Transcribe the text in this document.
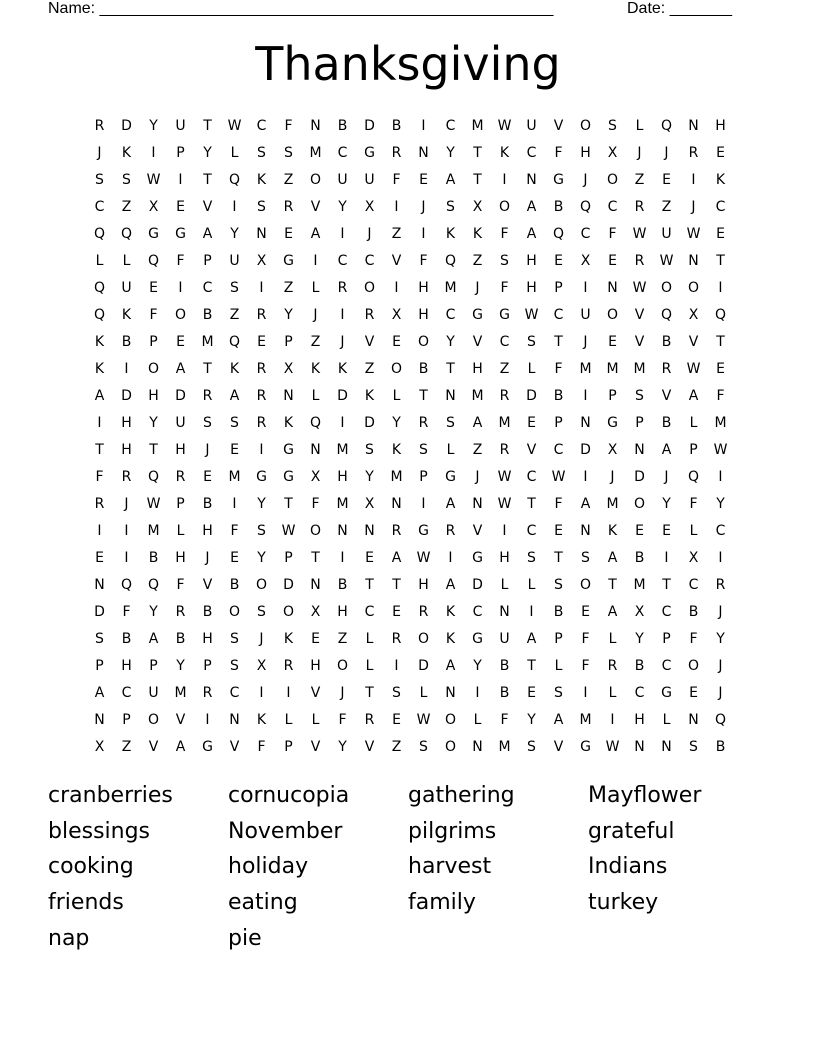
Name: ___________________________________________________	Date: _______
Thanksgiving
R	D	Y	U	T	W	C	F	N	B	D	B	I	C	M	W	U	V	O	S	L	Q	N	H
J	K	I	P	Y	L	S	S	M	C	G	R	N	Y	T	K	C	F	H	X	J	J	R	E
S	S	W	I	T	Q	K	Z	O	U	U	F	E	A	T	I	N	G	J	O	Z	E	I	K
C	Z	X	E	V	I	S	R	V	Y	X	I	J	S	X	O	A	B	Q	C	R	Z	J	C
Q	Q	G	G	A	Y	N	E	A	I	J	Z	I	K	K	F	A	Q	C	F	W	U	W	E
L	L	Q	F	P	U	X	G	I	C	C	V	F	Q	Z	S	H	E	X	E	R	W	N	T
Q	U	E	I	C	S	I	Z	L	R	O	I	H	M	J	F	H	P	I	N	W	O	O	I
Q	K	F	O	B	Z	R	Y	J	I	R	X	H	C	G	G	W	C	U	O	V	Q	X	Q
K	B	P	E	M	Q	E	P	Z	J	V	E	O	Y	V	C	S	T	J	E	V	B	V	T
K	I	O	A	T	K	R	X	K	K	Z	O	B	T	H	Z	L	F	M	M	M	R	W	E
A	D	H	D	R	A	R	N	L	D	K	L	T	N	M	R	D	B	I	P	S	V	A	F
I	H	Y	U	S	S	R	K	Q	I	D	Y	R	S	A	M	E	P	N	G	P	B	L	M
T	H	T	H	J	E	I	G	N	M	S	K	S	L	Z	R	V	C	D	X	N	A	P	W
F	R	Q	R	E	M	G	G	X	H	Y	M	P	G	J	W	C	W	I	J	D	J	Q	I
R	J	W	P	B	I	Y	T	F	M	X	N	I	A	N	W	T	F	A	M	O	Y	F	Y
I	I	M	L	H	F	S	W	O	N	N	R	G	R	V	I	C	E	N	K	E	E	L	C
E	I	B	H	J	E	Y	P	T	I	E	A	W	I	G	H	S	T	S	A	B	I	X	I
N	Q	Q	F	V	B	O	D	N	B	T	T	H	A	D	L	L	S	O	T	M	T	C	R
D	F	Y	R	B	O	S	O	X	H	C	E	R	K	C	N	I	B	E	A	X	C	B	J
S	B	A	B	H	S	J	K	E	Z	L	R	O	K	G	U	A	P	F	L	Y	P	F	Y
P	H	P	Y	P	S	X	R	H	O	L	I	D	A	Y	B	T	L	F	R	B	C	O	J
A	C	U	M	R	C	I	I	V	J	T	S	L	N	I	B	E	S	I	L	C	G	E	J
N	P	O	V	I	N	K	L	L	F	R	E	W	O	L	F	Y	A	M	I	H	L	N	Q
X	Z	V	A	G	V	F	P	V	Y	V	Z	S	O	N	M	S	V	G	W	N	N	S	B
cranberries	cornucopia	gathering	Mayflower
blessings	November	pilgrims	grateful
cooking	holiday	harvest	Indians
friends	eating	family	turkey
nap	pie
